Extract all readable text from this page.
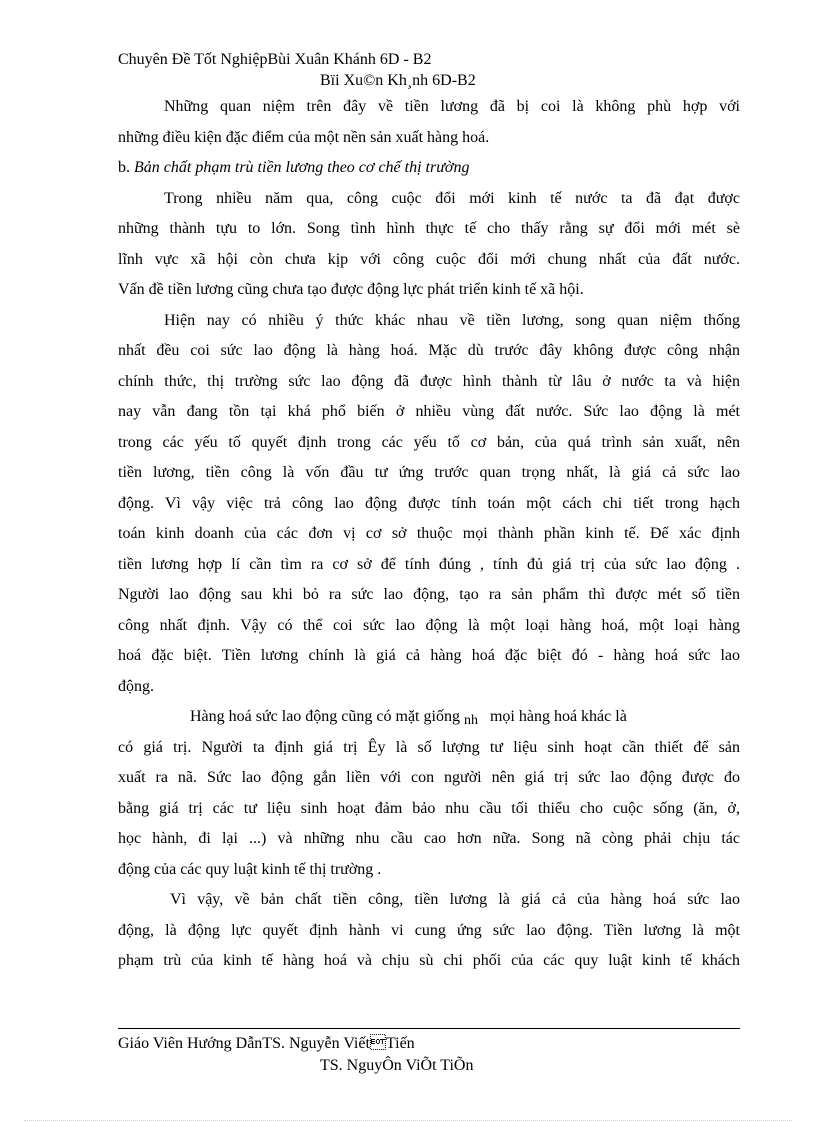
Chuyên Đề Tốt NghiệpBùi Xuân Khánh 6D - B2
Bïi Xu©n Kh¸nh 6D-B2
Những quan niệm trên đây về tiền lương đã bị coi là không phù hợp với
những điều kiện đặc điểm của một nền sản xuất hàng hoá.
b. Bản chất phạm trù tiền lương theo cơ chế thị trường
Trong nhiều năm qua, công cuộc đổi mới kinh tế nước ta đã đạt được
những thành tựu to lớn. Song tình hình thực tế cho thấy rằng sự đổi mới mét sè
lĩnh vực xã hội còn chưa kịp với công cuộc đổi mới chung nhất của đất nước.
Vấn đề tiền lương cũng chưa tạo được động lực phát triển kinh tế xã hội.
Hiện nay có nhiều ý thức khác nhau về tiền lương, song quan niệm thống
nhất đều coi sức lao động là hàng hoá. Mặc dù trước đây không được công nhận
chính thức, thị trường sức lao động đã được hình thành từ lâu ở nước ta và hiện
nay vẫn đang tồn tại khá phổ biến ở nhiều vùng đất nước. Sức lao động là mét
trong các yếu tố quyết định trong các yếu tố cơ bản, của quá trình sản xuất, nên
tiền lương, tiền công là vốn đầu tư ứng trước quan trọng nhất, là giá cả sức lao
động. Vì vậy việc trả công lao động được tính toán một cách chi tiết trong hạch
toán kinh doanh của các đơn vị cơ sở thuộc mọi thành phần kinh tế. Để xác định
tiền lương hợp lí cần tìm ra cơ sở để tính đúng , tính đủ giá trị của sức lao động .
Người lao động sau khi bỏ ra sức lao động, tạo ra sản phẩm thì được mét số tiền
công nhất định. Vậy có thể coi sức lao động là một loại hàng hoá, một loại hàng
hoá đặc biệt. Tiền lương chính là giá cả hàng hoá đặc biệt đó - hàng hoá sức lao
động.
Hàng hoá sức lao động cũng có mặt giống nh mọi hàng hoá khác là
có giá trị. Người ta định giá trị Êy là số lượng tư liệu sinh hoạt cần thiết để sản
xuất ra nã. Sức lao động gắn liền với con người nên giá trị sức lao động được đo
bằng giá trị các tư liệu sinh hoạt đảm bảo nhu cầu tối thiểu cho cuộc sống (ăn, ở,
học hành, đi lại ...) và những nhu cầu cao hơn nữa. Song nã còng phải chịu tác
động của các quy luật kinh tế thị trường .
Vì vậy, về bản chất tiền công, tiền lương là giá cả của hàng hoá sức lao
động, là động lực quyết định hành vi cung ứng sức lao động. Tiền lương là một
phạm trù của kinh tế hàng hoá và chịu sù chi phối của các quy luật kinh tế khách
Giáo Viên Hướng DẫnTS. Nguyễn ViếtTiến
TS. NguyÔn ViÕt TiÕn
